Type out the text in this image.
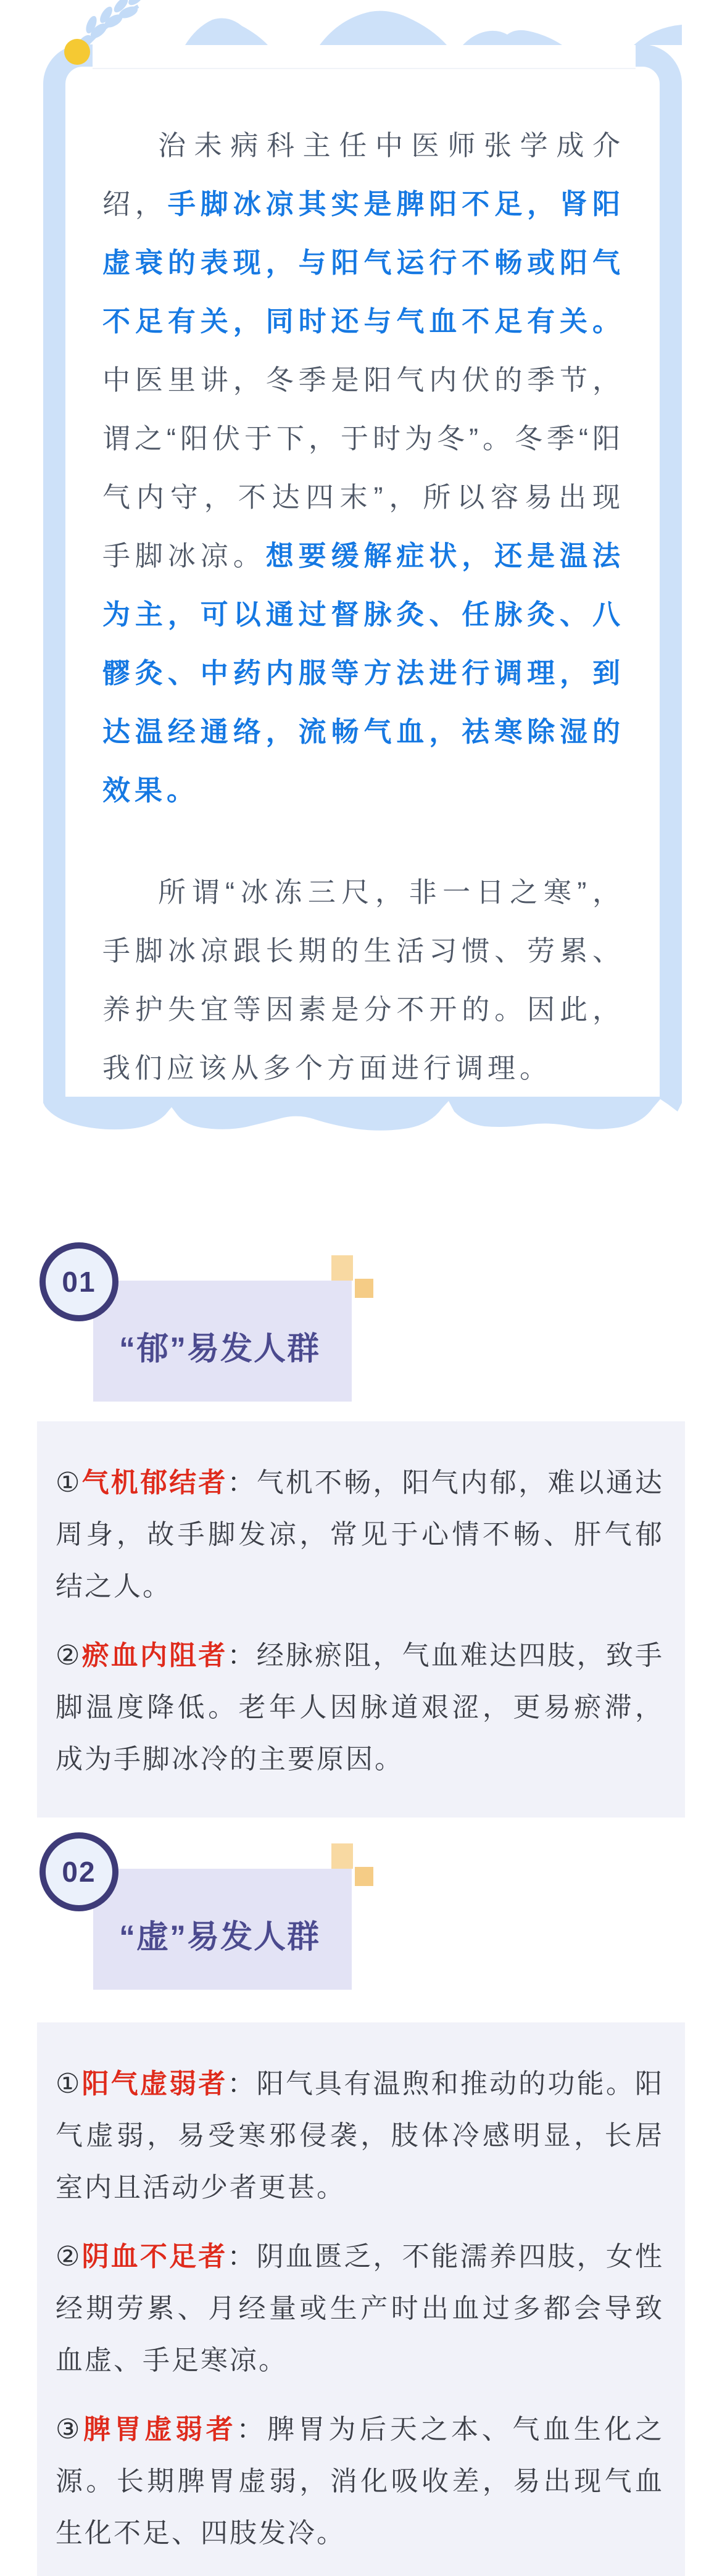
治未病科主任中医师张学成介绍，手脚冰凉其实是脾阳不足，肾阳虚衰的表现，与阳气运行不畅或阳气不足有关，同时还与气血不足有关。中医里讲，冬季是阳气内伏的季节，谓之“阳伏于下，于时为冬”。冬季“阳气内守，不达四末”，所以容易出现手脚冰凉。想要缓解症状，还是温法为主，可以通过督脉灸、任脉灸、八髎灸、中药内服等方法进行调理，到达温经通络，流畅气血，祛寒除湿的效果。

所谓“冰冻三尺，非一日之寒”，手脚冰凉跟长期的生活习惯、劳累、养护失宜等因素是分不开的。因此，我们应该从多个方面进行调理。

01
“郁”易发人群

①气机郁结者：气机不畅，阳气内郁，难以通达周身，故手脚发凉，常见于心情不畅、肝气郁结之人。

②瘀血内阻者：经脉瘀阻，气血难达四肢，致手脚温度降低。老年人因脉道艰涩，更易瘀滞，成为手脚冰冷的主要原因。

02
“虚”易发人群

①阳气虚弱者：阳气具有温煦和推动的功能。阳气虚弱，易受寒邪侵袭，肢体冷感明显，长居室内且活动少者更甚。

②阴血不足者：阴血匮乏，不能濡养四肢，女性经期劳累、月经量或生产时出血过多都会导致血虚、手足寒凉。

③脾胃虚弱者：脾胃为后天之本、气血生化之源。长期脾胃虚弱，消化吸收差，易出现气血生化不足、四肢发冷。
